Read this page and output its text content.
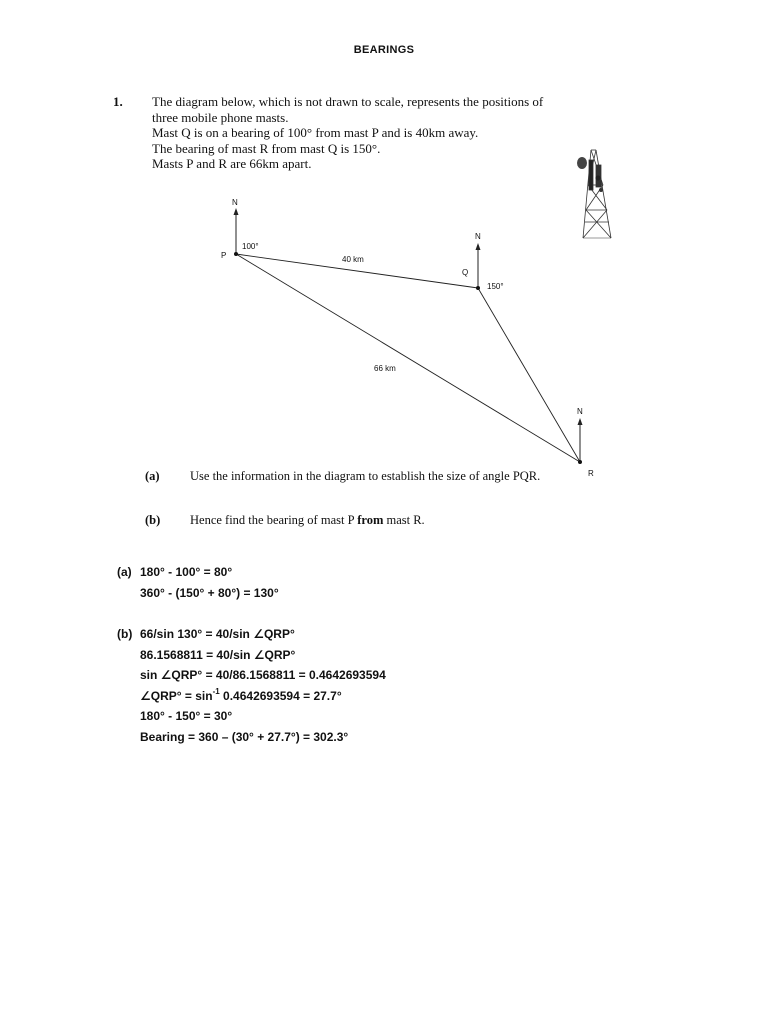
BEARINGS
1. The diagram below, which is not drawn to scale, represents the positions of
three mobile phone masts.
Mast Q is on a bearing of 100° from mast P and is 40km away.
The bearing of mast R from mast Q is 150°.
Masts P and R are 66km apart.
N
N
N
P
Q
R
100°
150°
40 km
66 km
(a) Use the information in the diagram to establish the size of angle PQR.
(b) Hence find the bearing of mast P from mast R.
(a) 180° - 100° = 80°
360° - (150° + 80°) = 130°
(b) 66/sin 130° = 40/sin ∠QRP°
86.1568811 = 40/sin ∠QRP°
sin ∠QRP° = 40/86.1568811 = 0.4642693594
∠QRP° = $\sin^{-1} 0.4642693594 = 27.7^\circ$
180° - 150° = 30°
Bearing = 360 – (30° + 27.7°) = 302.3°
